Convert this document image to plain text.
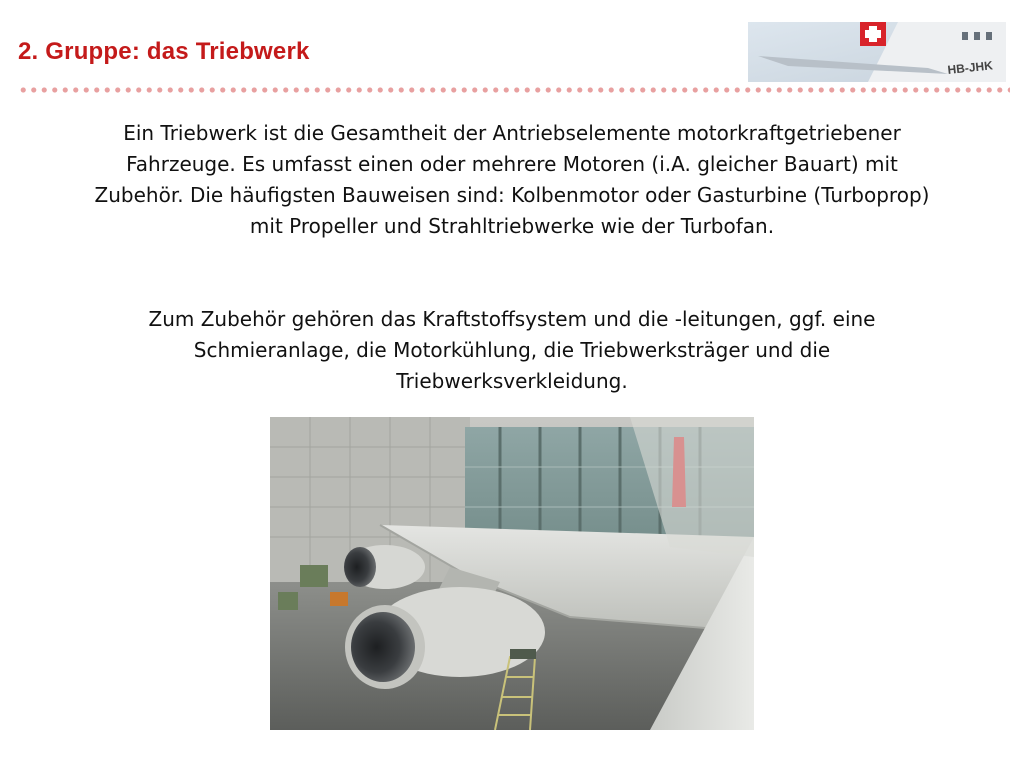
2. Gruppe: das Triebwerk
HB-JHK
Ein Triebwerk ist die Gesamtheit der Antriebselemente motorkraftgetriebener Fahrzeuge. Es umfasst einen oder mehrere Motoren (i.A. gleicher Bauart) mit Zubehör. Die häufigsten Bauweisen sind: Kolbenmotor oder Gasturbine (Turboprop) mit Propeller und Strahltriebwerke wie der Turbofan.
Zum Zubehör gehören das Kraftstoffsystem und die -leitungen, ggf. eine Schmieranlage, die Motorkühlung, die Triebwerksträger und die Triebwerksverkleidung.
